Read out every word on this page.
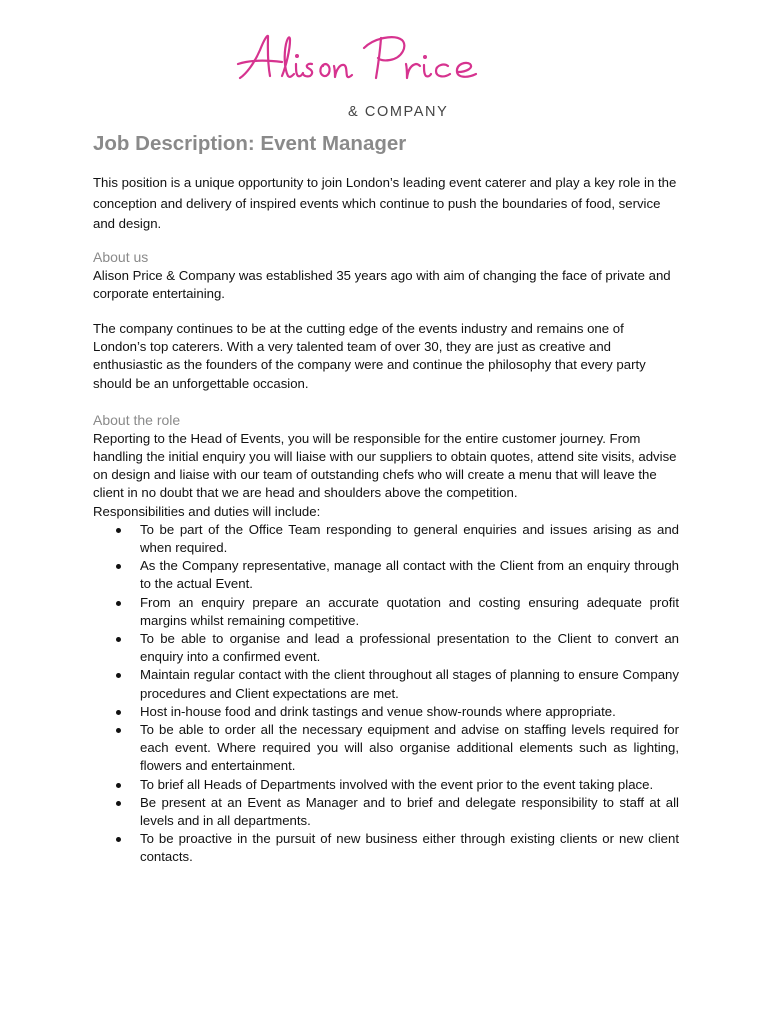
& COMPANY
Job Description: Event Manager

This position is a unique opportunity to join London’s leading event caterer and play a key role in the conception and delivery of inspired events which continue to push the boundaries of food, service and design.

About us

Alison Price & Company was established 35 years ago with aim of changing the face of private and corporate entertaining.

The company continues to be at the cutting edge of the events industry and remains one of London’s top caterers. With a very talented team of over 30, they are just as creative and enthusiastic as the founders of the company were and continue the philosophy that every party should be an unforgettable occasion.

About the role

Reporting to the Head of Events, you will be responsible for the entire customer journey. From handling the initial enquiry you will liaise with our suppliers to obtain quotes, attend site visits, advise on design and liaise with our team of outstanding chefs who will create a menu that will leave the client in no doubt that we are head and shoulders above the competition.

Responsibilities and duties will include:

To be part of the Office Team responding to general enquiries and issues arising as and when required.
As the Company representative, manage all contact with the Client from an enquiry through to the actual Event.
From an enquiry prepare an accurate quotation and costing ensuring adequate profit margins whilst remaining competitive.
To be able to organise and lead a professional presentation to the Client to convert an enquiry into a confirmed event.
Maintain regular contact with the client throughout all stages of planning to ensure Company procedures and Client expectations are met.
Host in-house food and drink tastings and venue show-rounds where appropriate.
To be able to order all the necessary equipment and advise on staffing levels required for each event. Where required you will also organise additional elements such as lighting, flowers and entertainment.
To brief all Heads of Departments involved with the event prior to the event taking place.
Be present at an Event as Manager and to brief and delegate responsibility to staff at all levels and in all departments.
To be proactive in the pursuit of new business either through existing clients or new client contacts.
